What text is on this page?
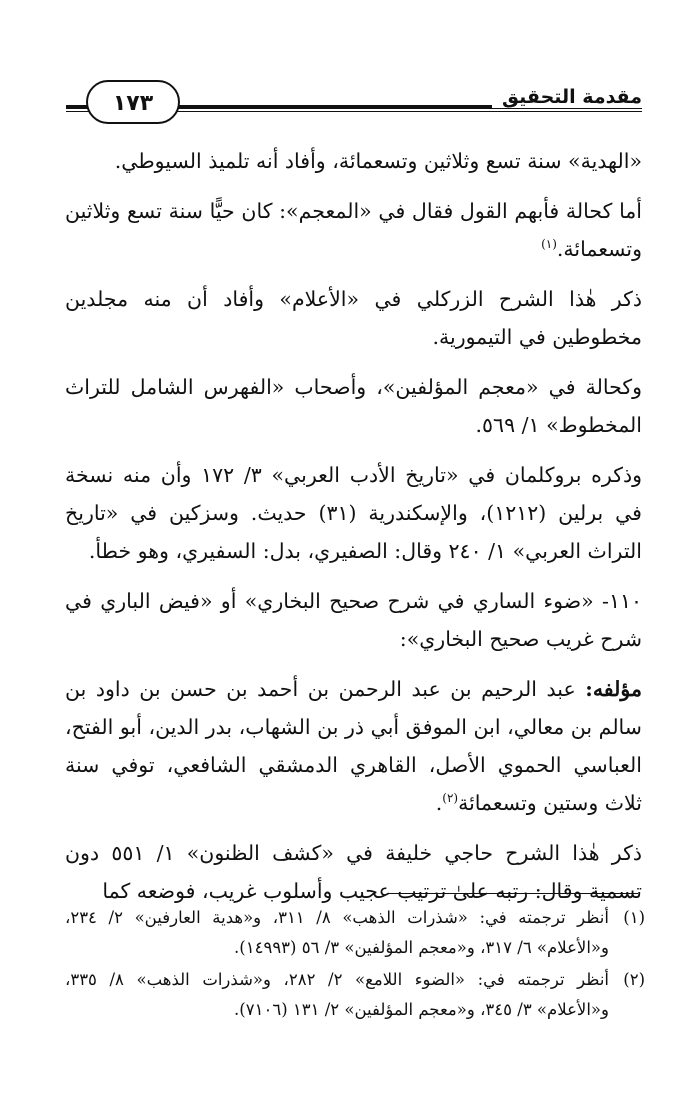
مقدمة التحقيق
١٧٣

«الهدية» سنة تسع وثلاثين وتسعمائة، وأفاد أنه تلميذ السيوطي.

أما كحالة فأبهم القول فقال في «المعجم»: كان حيًّا سنة تسع وثلاثين وتسعمائة.$^{(١)}$

ذكر هٰذا الشرح الزركلي في «الأعلام» وأفاد أن منه مجلدين مخطوطين في التيمورية.

وكحالة في «معجم المؤلفين»، وأصحاب «الفهرس الشامل للتراث المخطوط» ١/ ٥٦٩.

وذكره بروكلمان في «تاريخ الأدب العربي» ٣/ ١٧٢ وأن منه نسخة في برلين (١٢١٢)، والإسكندرية (٣١) حديث. وسزكين في «تاريخ التراث العربي» ١/ ٢٤٠ وقال: الصفيري، بدل: السفيري، وهو خطأ.

١١٠- «ضوء الساري في شرح صحيح البخاري» أو «فيض الباري في شرح غريب صحيح البخاري»:

مؤلفه: عبد الرحيم بن عبد الرحمن بن أحمد بن حسن بن داود بن سالم بن معالي، ابن الموفق أبي ذر بن الشهاب، بدر الدين، أبو الفتح، العباسي الحموي الأصل، القاهري الدمشقي الشافعي، توفي سنة ثلاث وستين وتسعمائة$^{(٢)}$.

ذكر هٰذا الشرح حاجي خليفة في «كشف الظنون» ١/ ٥٥١ دون تسمية وقال: رتبه علىٰ ترتيب عجيب وأسلوب غريب، فوضعه كما

(١)
أنظر ترجمته في: «شذرات الذهب» ٨/ ٣١١، و«هدية العارفين» ٢/ ٢٣٤، و«الأعلام» ٦/ ٣١٧، و«معجم المؤلفين» ٣/ ٥٦ (١٤٩٩٣).
(٢)
أنظر ترجمته في: «الضوء اللامع» ٢/ ٢٨٢، و«شذرات الذهب» ٨/ ٣٣٥، و«الأعلام» ٣/ ٣٤٥، و«معجم المؤلفين» ٢/ ١٣١ (٧١٠٦).
